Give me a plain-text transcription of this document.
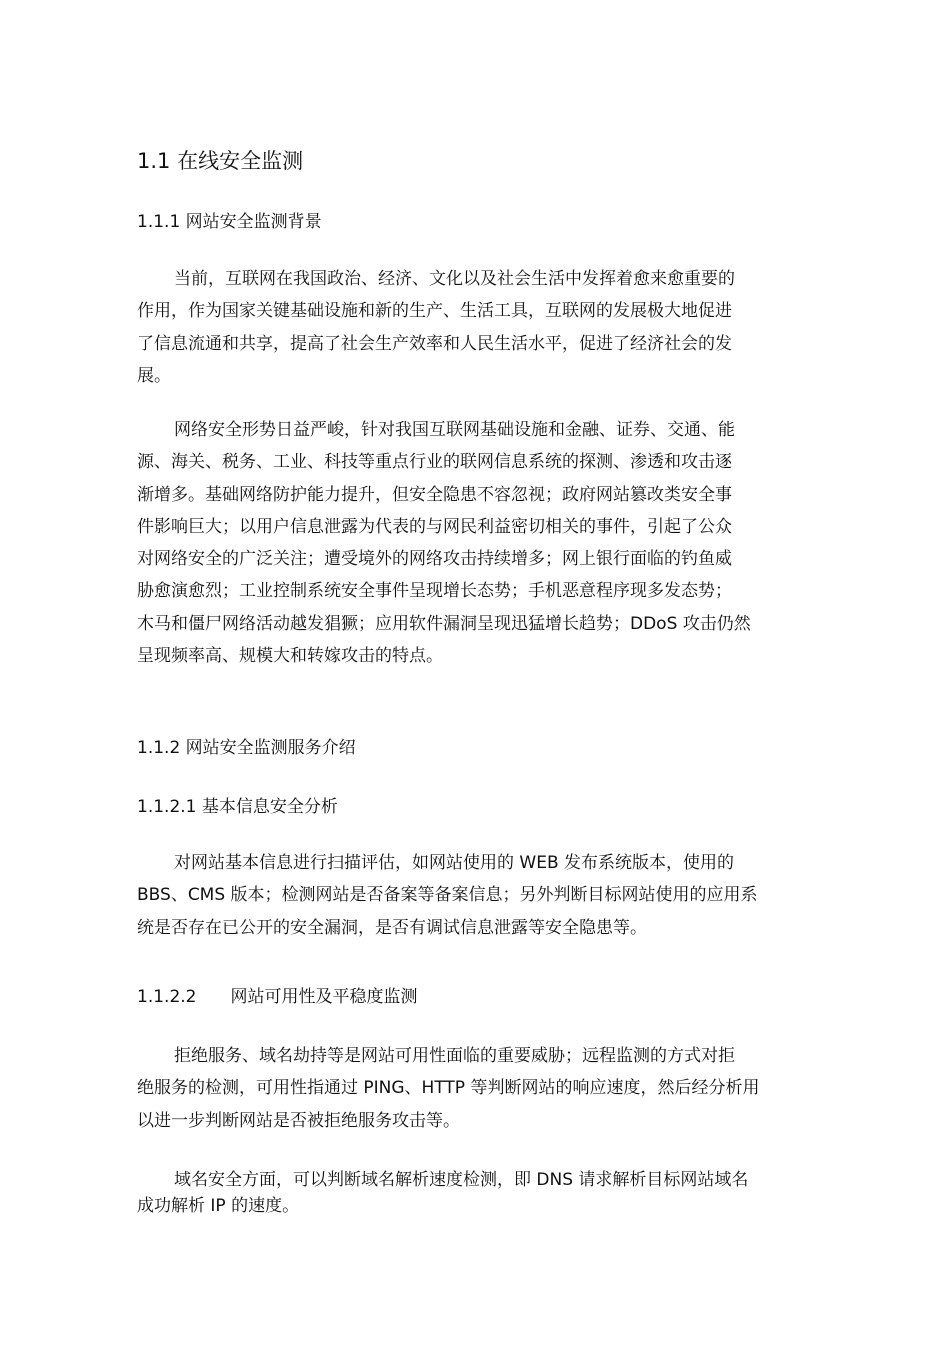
1.1 在线安全监测
1.1.1 网站安全监测背景
当前，互联网在我国政治、经济、文化以及社会生活中发挥着愈来愈重要的
作用，作为国家关键基础设施和新的生产、生活工具，互联网的发展极大地促进
了信息流通和共享，提高了社会生产效率和人民生活水平，促进了经济社会的发
展。
网络安全形势日益严峻，针对我国互联网基础设施和金融、证券、交通、能
源、海关、税务、工业、科技等重点行业的联网信息系统的探测、渗透和攻击逐
渐增多。基础网络防护能力提升，但安全隐患不容忽视；政府网站篡改类安全事
件影响巨大；以用户信息泄露为代表的与网民利益密切相关的事件，引起了公众
对网络安全的广泛关注；遭受境外的网络攻击持续增多；网上银行面临的钓鱼威
胁愈演愈烈；工业控制系统安全事件呈现增长态势；手机恶意程序现多发态势；
木马和僵尸网络活动越发猖獗；应用软件漏洞呈现迅猛增长趋势；DDoS 攻击仍然
呈现频率高、规模大和转嫁攻击的特点。
1.1.2 网站安全监测服务介绍
1.1.2.1 基本信息安全分析
对网站基本信息进行扫描评估，如网站使用的 WEB 发布系统版本，使用的
BBS、CMS 版本；检测网站是否备案等备案信息；另外判断目标网站使用的应用系
统是否存在已公开的安全漏洞，是否有调试信息泄露等安全隐患等。
1.1.2.2 网站可用性及平稳度监测
拒绝服务、域名劫持等是网站可用性面临的重要威胁；远程监测的方式对拒
绝服务的检测，可用性指通过 PING、HTTP 等判断网站的响应速度，然后经分析用
以进一步判断网站是否被拒绝服务攻击等。
域名安全方面，可以判断域名解析速度检测，即 DNS 请求解析目标网站域名
成功解析 IP 的速度。
